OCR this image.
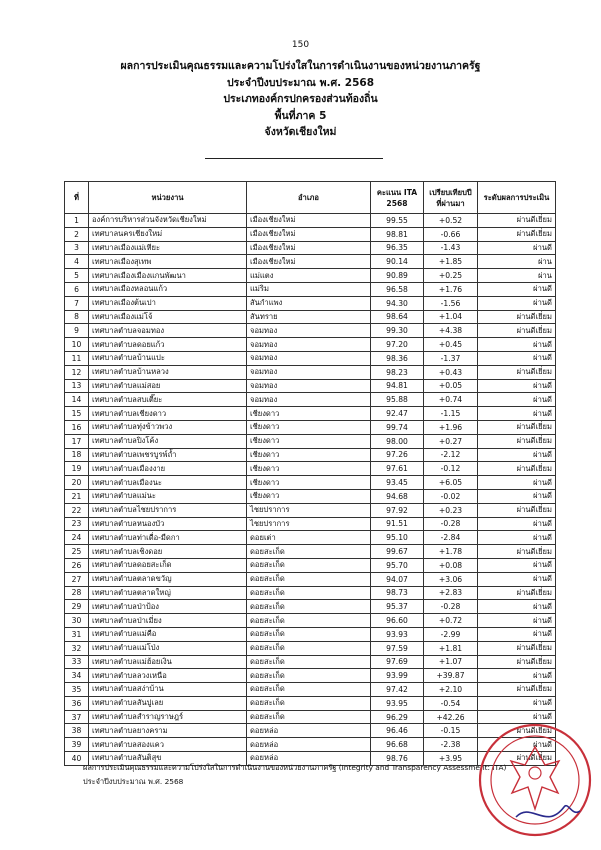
150
ผลการประเมินคุณธรรมและความโปร่งใสในการดำเนินงานของหน่วยงานภาครัฐ
ประจำปีงบประมาณ พ.ศ. 2568
ประเภทองค์กรปกครองส่วนท้องถิ่น
พื้นที่ภาค 5
จังหวัดเชียงใหม่
ที่	หน่วยงาน	อำเภอ	คะแนน ITA 2568	เปรียบเทียบปีที่ผ่านมา	ระดับผลการประเมิน
1	องค์การบริหารส่วนจังหวัดเชียงใหม่	เมืองเชียงใหม่	99.55	+0.52	ผ่านดีเยี่ยม
2	เทศบาลนครเชียงใหม่	เมืองเชียงใหม่	98.81	-0.66	ผ่านดีเยี่ยม
3	เทศบาลเมืองแม่เหียะ	เมืองเชียงใหม่	96.35	-1.43	ผ่านดี
4	เทศบาลเมืองสุเทพ	เมืองเชียงใหม่	90.14	+1.85	ผ่าน
5	เทศบาลเมืองเมืองแกนพัฒนา	แม่แตง	90.89	+0.25	ผ่าน
6	เทศบาลเมืองหลอนแก้ว	แม่ริม	96.58	+1.76	ผ่านดี
7	เทศบาลเมืองต้นเปา	สันกำแพง	94.30	-1.56	ผ่านดี
8	เทศบาลเมืองแม่โจ้	สันทราย	98.64	+1.04	ผ่านดีเยี่ยม
9	เทศบาลตำบลจอมทอง	จอมทอง	99.30	+4.38	ผ่านดีเยี่ยม
10	เทศบาลตำบลดอยแก้ว	จอมทอง	97.20	+0.45	ผ่านดี
11	เทศบาลตำบลบ้านแปะ	จอมทอง	98.36	-1.37	ผ่านดี
12	เทศบาลตำบลบ้านหลวง	จอมทอง	98.23	+0.43	ผ่านดีเยี่ยม
13	เทศบาลตำบลแม่สอย	จอมทอง	94.81	+0.05	ผ่านดี
14	เทศบาลตำบลสบเตี๊ยะ	จอมทอง	95.88	+0.74	ผ่านดี
15	เทศบาลตำบลเชียงดาว	เชียงดาว	92.47	-1.15	ผ่านดี
16	เทศบาลตำบลทุ่งข้าวพวง	เชียงดาว	99.74	+1.96	ผ่านดีเยี่ยม
17	เทศบาลตำบลปิงโค้ง	เชียงดาว	98.00	+0.27	ผ่านดีเยี่ยม
18	เทศบาลตำบลเพชรบูรพ์ถ้ำ	เชียงดาว	97.26	-2.12	ผ่านดี
19	เทศบาลตำบลเมืองงาย	เชียงดาว	97.61	-0.12	ผ่านดีเยี่ยม
20	เทศบาลตำบลเมืองนะ	เชียงดาว	93.45	+6.05	ผ่านดี
21	เทศบาลตำบลแม่นะ	เชียงดาว	94.68	-0.02	ผ่านดี
22	เทศบาลตำบลไชยปราการ	ไชยปราการ	97.92	+0.23	ผ่านดีเยี่ยม
23	เทศบาลตำบลหนองบัว	ไชยปราการ	91.51	-0.28	ผ่านดี
24	เทศบาลตำบลท่าเดื่อ-มืดกา	ดอยเต่า	95.10	-2.84	ผ่านดี
25	เทศบาลตำบลเชิงดอย	ดอยสะเก็ด	99.67	+1.78	ผ่านดีเยี่ยม
26	เทศบาลตำบลดอยสะเก็ด	ดอยสะเก็ด	95.70	+0.08	ผ่านดี
27	เทศบาลตำบลตลาดขวัญ	ดอยสะเก็ด	94.07	+3.06	ผ่านดี
28	เทศบาลตำบลตลาดใหญ่	ดอยสะเก็ด	98.73	+2.83	ผ่านดีเยี่ยม
29	เทศบาลตำบลป่าป้อง	ดอยสะเก็ด	95.37	-0.28	ผ่านดี
30	เทศบาลตำบลป่าเมี่ยง	ดอยสะเก็ด	96.60	+0.72	ผ่านดี
31	เทศบาลตำบลแม่คือ	ดอยสะเก็ด	93.93	-2.99	ผ่านดี
32	เทศบาลตำบลแม่โป่ง	ดอยสะเก็ด	97.59	+1.81	ผ่านดีเยี่ยม
33	เทศบาลตำบลแม่ฮ้อยเงิน	ดอยสะเก็ด	97.69	+1.07	ผ่านดีเยี่ยม
34	เทศบาลตำบลลวงเหนือ	ดอยสะเก็ด	93.99	+39.87	ผ่านดี
35	เทศบาลตำบลสง่าบ้าน	ดอยสะเก็ด	97.42	+2.10	ผ่านดีเยี่ยม
36	เทศบาลตำบลสันปูเลย	ดอยสะเก็ด	93.95	-0.54	ผ่านดี
37	เทศบาลตำบลสำราญราษฎร์	ดอยสะเก็ด	96.29	+42.26	ผ่านดี
38	เทศบาลตำบลยางคราม	ดอยหล่อ	96.46	-0.15	ผ่านดีเยี่ยม
39	เทศบาลตำบลสองแคว	ดอยหล่อ	96.68	-2.38	ผ่านดี
40	เทศบาลตำบลสันติสุข	ดอยหล่อ	98.76	+3.95	ผ่านดีเยี่ยม
ผลการประเมินคุณธรรมและความโปร่งใสในการดำเนินงานของหน่วยงานภาครัฐ (Integrity and Transparency Assessment: ITA)
ประจำปีงบประมาณ พ.ศ. 2568
